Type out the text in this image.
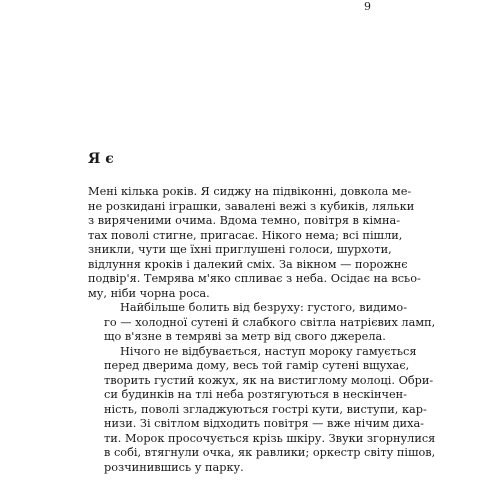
9
Я є

Мені кілька років. Я сиджу на підвіконні, довкола ме-
не розкидані іграшки, завалені вежі з кубиків, ляльки
з виряченими очима. Вдома темно, повітря в кімна-
тах поволі стигне, пригасає. Нікого нема; всі пішли,
зникли, чути ще їхні приглушені голоси, шурхоти,
відлуння кроків і далекий сміх. За вікном — порожнє
подвір'я. Темрява м'яко спливає з неба. Осідає на всьо-
му, ніби чорна роса.

Найбільше болить від безруху: густого, видимо-
го — холодної сутені й слабкого світла натрієвих ламп,
що в'язне в темряві за метр від свого джерела.

Нічого не відбувається, наступ мороку гамується
перед дверима дому, весь той гамір сутені вщухає,
творить густий кожух, як на вистиглому молоці. Обри-
си будинків на тлі неба розтягуються в нескінчен-
ність, поволі згладжуються гострі кути, виступи, кар-
низи. Зі світлом відходить повітря — вже нічим дихa-
ти. Морок просочується крізь шкіру. Звуки згорнулися
в собі, втягнули очка, як равлики; оркестр світу пішов,
розчинившись у парку.
